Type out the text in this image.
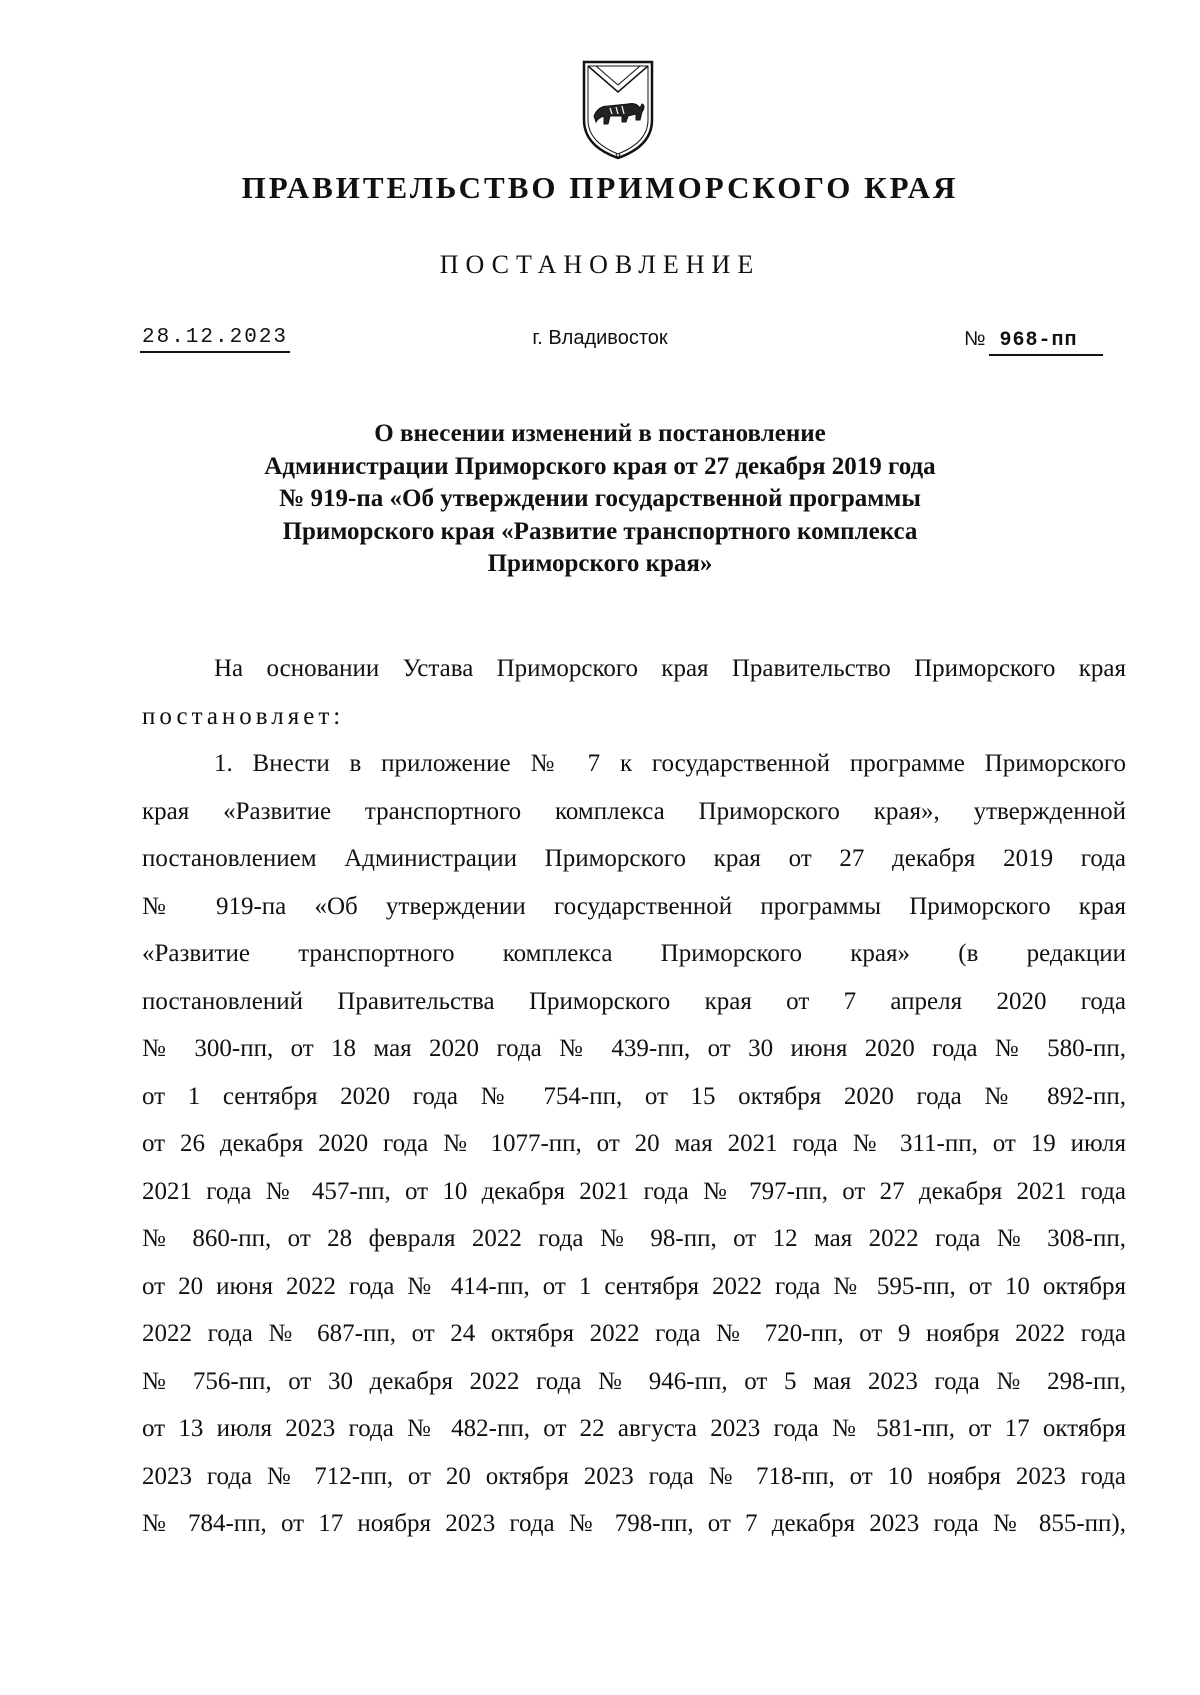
ПРАВИТЕЛЬСТВО ПРИМОРСКОГО КРАЯ
ПОСТАНОВЛЕНИЕ
28.12.2023	г. Владивосток	№ 968-пп
О внесении изменений в постановление
Администрации Приморского края от 27 декабря 2019 года
№ 919-па «Об утверждении государственной программы
Приморского края «Развитие транспортного комплекса
Приморского края»
На основании Устава Приморского края Правительство Приморского края
постановляет:
1. Внести в приложение № 7 к государственной программе Приморского
края «Развитие транспортного комплекса Приморского края», утвержденной
постановлением Администрации Приморского края от 27 декабря 2019 года
№ 919-па «Об утверждении государственной программы Приморского края
«Развитие транспортного комплекса Приморского края» (в редакции
постановлений Правительства Приморского края от 7 апреля 2020 года
№ 300-пп, от 18 мая 2020 года № 439-пп, от 30 июня 2020 года № 580-пп,
от 1 сентября 2020 года № 754-пп, от 15 октября 2020 года № 892-пп,
от 26 декабря 2020 года № 1077-пп, от 20 мая 2021 года № 311-пп, от 19 июля
2021 года № 457-пп, от 10 декабря 2021 года № 797-пп, от 27 декабря 2021 года
№ 860-пп, от 28 февраля 2022 года № 98-пп, от 12 мая 2022 года № 308-пп,
от 20 июня 2022 года № 414-пп, от 1 сентября 2022 года № 595-пп, от 10 октября
2022 года № 687-пп, от 24 октября 2022 года № 720-пп, от 9 ноября 2022 года
№ 756-пп, от 30 декабря 2022 года № 946-пп, от 5 мая 2023 года № 298-пп,
от 13 июля 2023 года № 482-пп, от 22 августа 2023 года № 581-пп, от 17 октября
2023 года № 712-пп, от 20 октября 2023 года № 718-пп, от 10 ноября 2023 года
№ 784-пп, от 17 ноября 2023 года № 798-пп, от 7 декабря 2023 года № 855-пп),
